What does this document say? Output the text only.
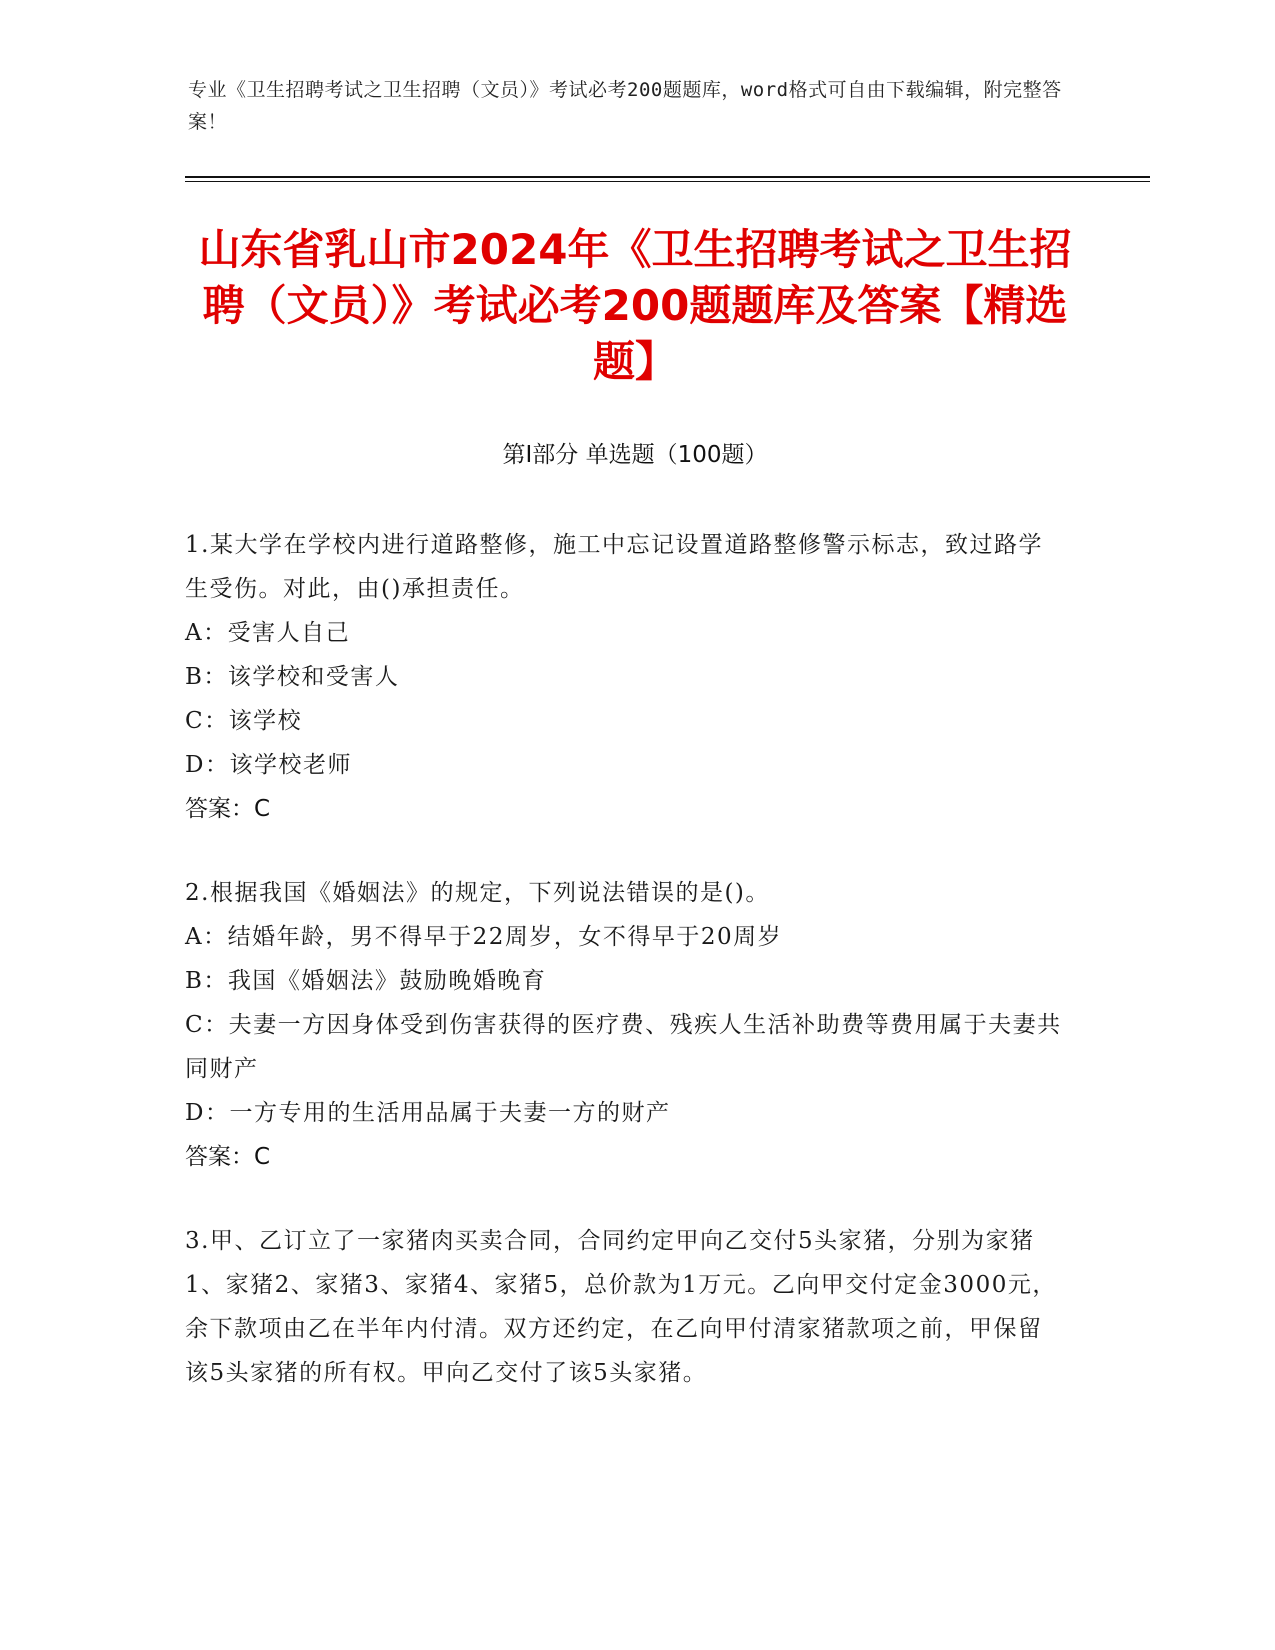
专业《卫生招聘考试之卫生招聘（文员）》考试必考200题题库，word格式可自由下载编辑，附完整答案！
山东省乳山市2024年《卫生招聘考试之卫生招聘（文员）》考试必考200题题库及答案【精选题】
第Ⅰ部分 单选题（100题）
1.某大学在学校内进行道路整修，施工中忘记设置道路整修警示标志，致过路学生受伤。对此，由()承担责任。
A：受害人自己
B：该学校和受害人
C：该学校
D：该学校老师
答案：C
2.根据我国《婚姻法》的规定，下列说法错误的是()。
A：结婚年龄，男不得早于22周岁，女不得早于20周岁
B：我国《婚姻法》鼓励晚婚晚育
C：夫妻一方因身体受到伤害获得的医疗费、残疾人生活补助费等费用属于夫妻共同财产
D：一方专用的生活用品属于夫妻一方的财产
答案：C
3.甲、乙订立了一家猪肉买卖合同，合同约定甲向乙交付5头家猪，分别为家猪1、家猪2、家猪3、家猪4、家猪5，总价款为1万元。乙向甲交付定金3000元，余下款项由乙在半年内付清。双方还约定，在乙向甲付清家猪款项之前，甲保留该5头家猪的所有权。甲向乙交付了该5头家猪。
